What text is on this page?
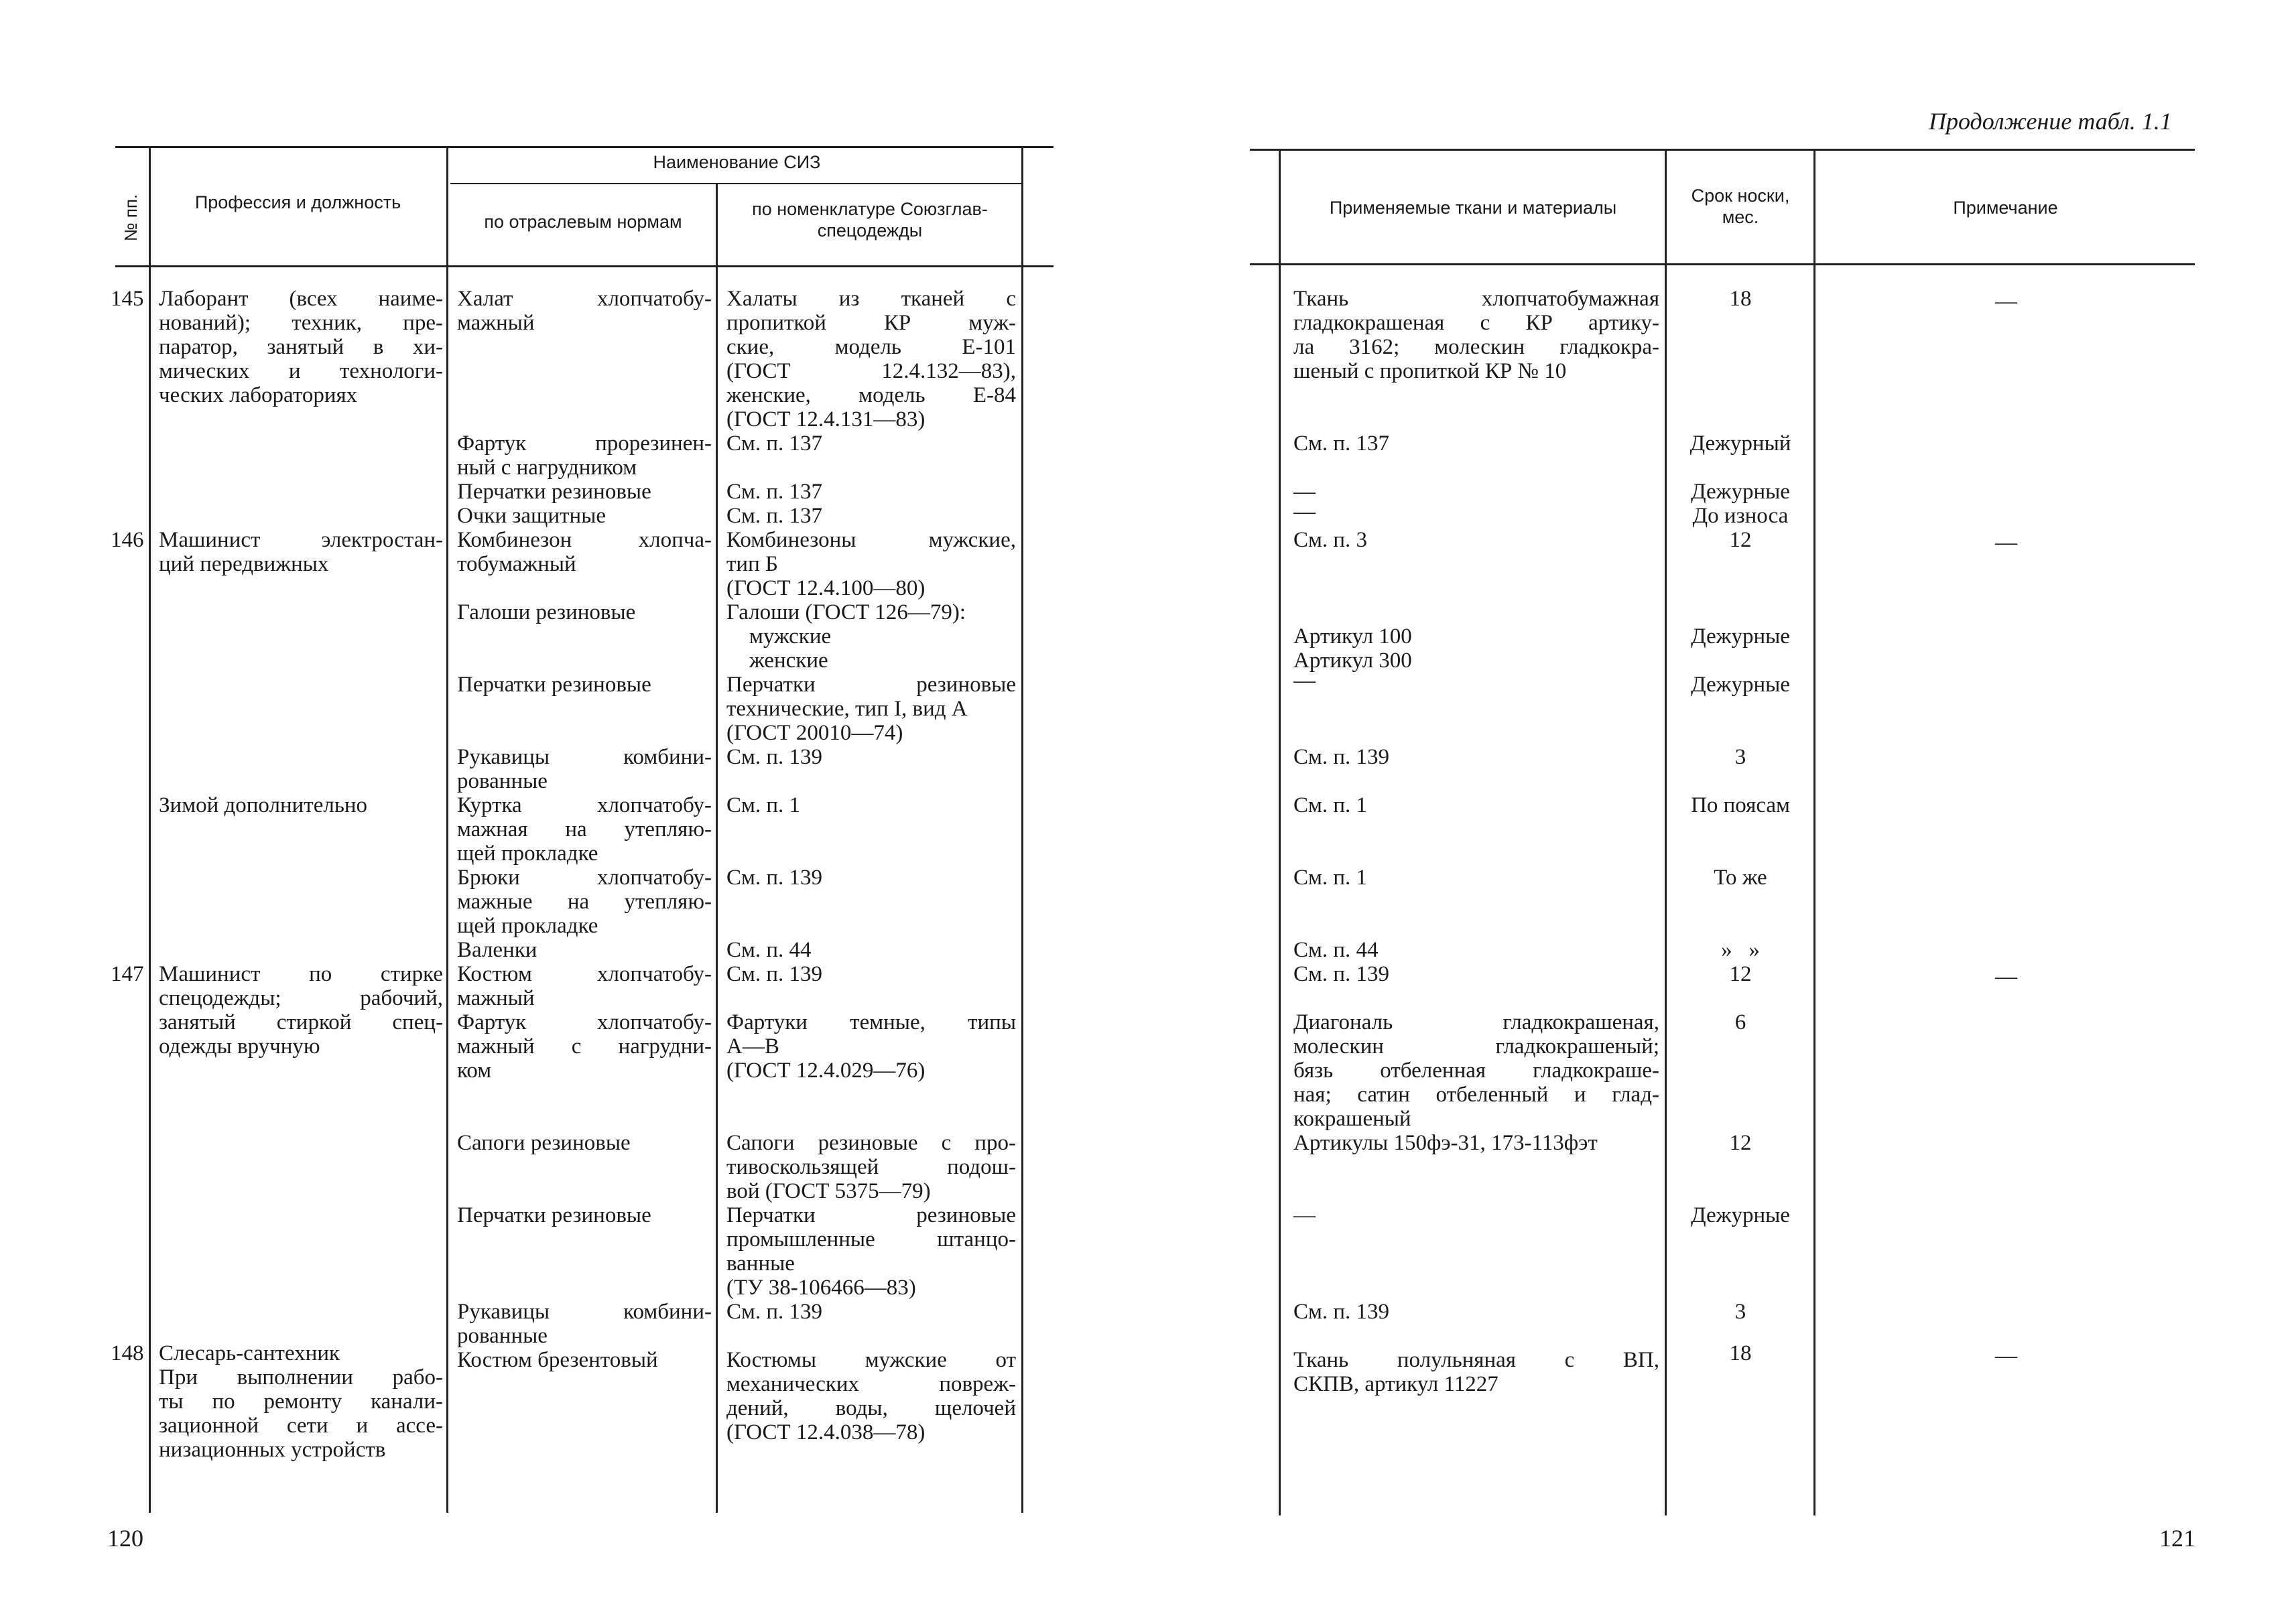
№ пп.	Профессия и должность
Наименование СИЗ
по отраслевым нормам
по номенклатуре Союзглав-
спецодежды
145
146
147
148
Лаборант (всех наиме-
нований); техник, пре-
паратор, занятый в хи-
мических и технологи-
ческих лабораториях
Машинист электростан-
ций передвижных
Зимой дополнительно
Машинист по стирке
спецодежды; рабочий,
занятый стиркой спец-
одежды вручную
Слесарь-сантехник
При выполнении рабо-
ты по ремонту канали-
зационной сети и ассе-
низационных устройств
Халат хлопчатобу-
мажный
Фартук прорезинен-
ный с нагрудником
Перчатки резиновые
Очки защитные
Комбинезон хлопча-
тобумажный
Галоши резиновые
Перчатки резиновые
Рукавицы комбини-
рованные
Куртка хлопчатобу-
мажная на утепляю-
щей прокладке
Брюки хлопчатобу-
мажные на утепляю-
щей прокладке
Валенки
Костюм хлопчатобу-
мажный
Фартук хлопчатобу-
мажный с нагрудни-
ком
Сапоги резиновые
Перчатки резиновые
Рукавицы комбини-
рованные
Костюм брезентовый
Халаты из тканей с
пропиткой КР муж-
ские, модель Е-101
(ГОСТ 12.4.132—83),
женские, модель Е-84
(ГОСТ 12.4.131—83)
См. п. 137
См. п. 137
См. п. 137
Комбинезоны мужские,
тип Б
(ГОСТ 12.4.100—80)
Галоши (ГОСТ 126—79):
мужские
женские
Перчатки резиновые
технические, тип I, вид А
(ГОСТ 20010—74)
См. п. 139
См. п. 1
См. п. 139
См. п. 44
См. п. 139
Фартуки темные, типы
А—В
(ГОСТ 12.4.029—76)
Сапоги резиновые с про-
тивоскользящей подош-
вой (ГОСТ 5375—79)
Перчатки резиновые
промышленные штанцо-
ванные
(ТУ 38-106466—83)
См. п. 139
Костюмы мужские от
механических повреж-
дений, воды, щелочей
(ГОСТ 12.4.038—78)
120
Продолжение табл. 1.1
Применяемые ткани и материалы
Срок носки,
мес.	Примечание
Ткань хлопчатобумажная
гладкокрашеная с КР артику-
ла 3162; молескин гладкокра-
шеный с пропиткой КР № 10
См. п. 137
—
—
См. п. 3
Артикул 100
Артикул 300
—
См. п. 139
См. п. 1
См. п. 1
См. п. 44
См. п. 139
Диагональ гладкокрашеная,
молескин гладкокрашеный;
бязь отбеленная гладкокраше-
ная; сатин отбеленный и глад-
кокрашеный
Артикулы 150фэ-31, 173-113фэт
—
См. п. 139
Ткань полульняная с ВП,
СКПВ, артикул 11227
18
Дежурный
Дежурные
До износа
12
Дежурные
Дежурные
3
По поясам
То же
»   »
12
6
12
Дежурные
3
18
—
—
—
—
121
